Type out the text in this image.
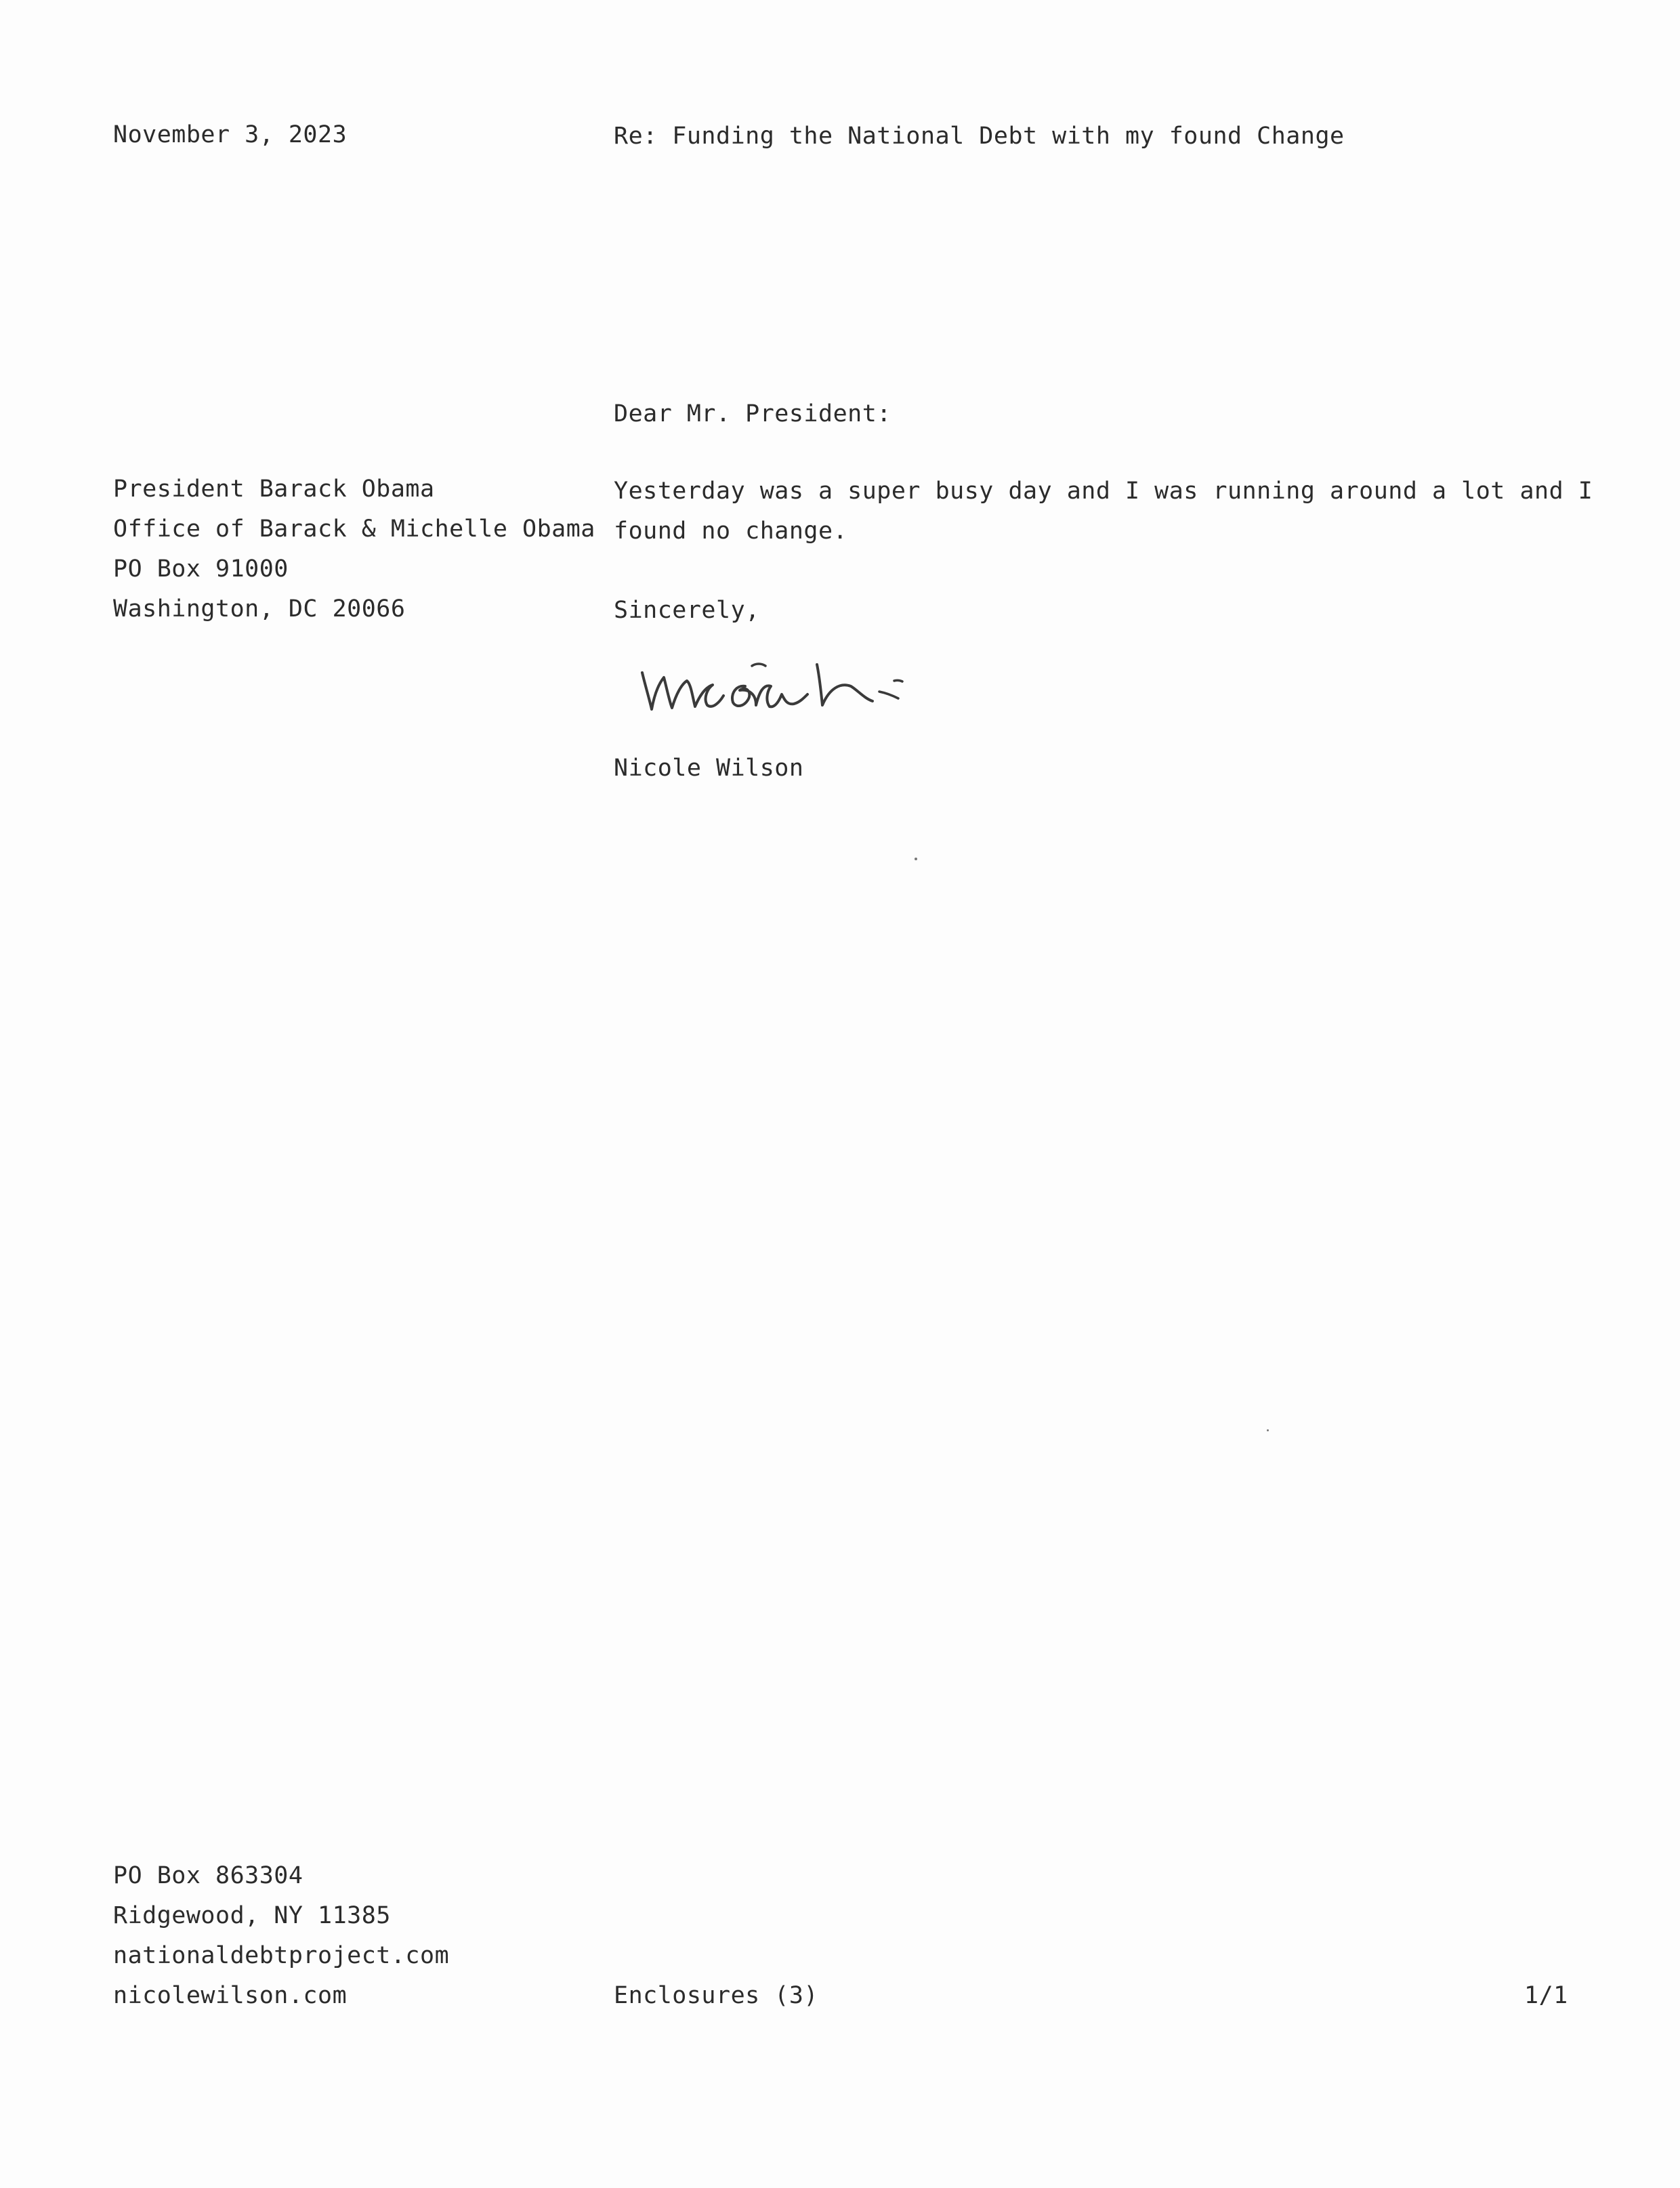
November 3, 2023	Re: Funding the National Debt with my found Change
Dear Mr. President:
President Barack Obama
Office of Barack & Michelle Obama
PO Box 91000
Washington, DC 20066
Yesterday was a super busy day and I was running around a lot and I
found no change.
Sincerely,
Nicole Wilson
PO Box 863304
Ridgewood, NY 11385
nationaldebtproject.com
nicolewilson.com	Enclosures (3)	1/1
